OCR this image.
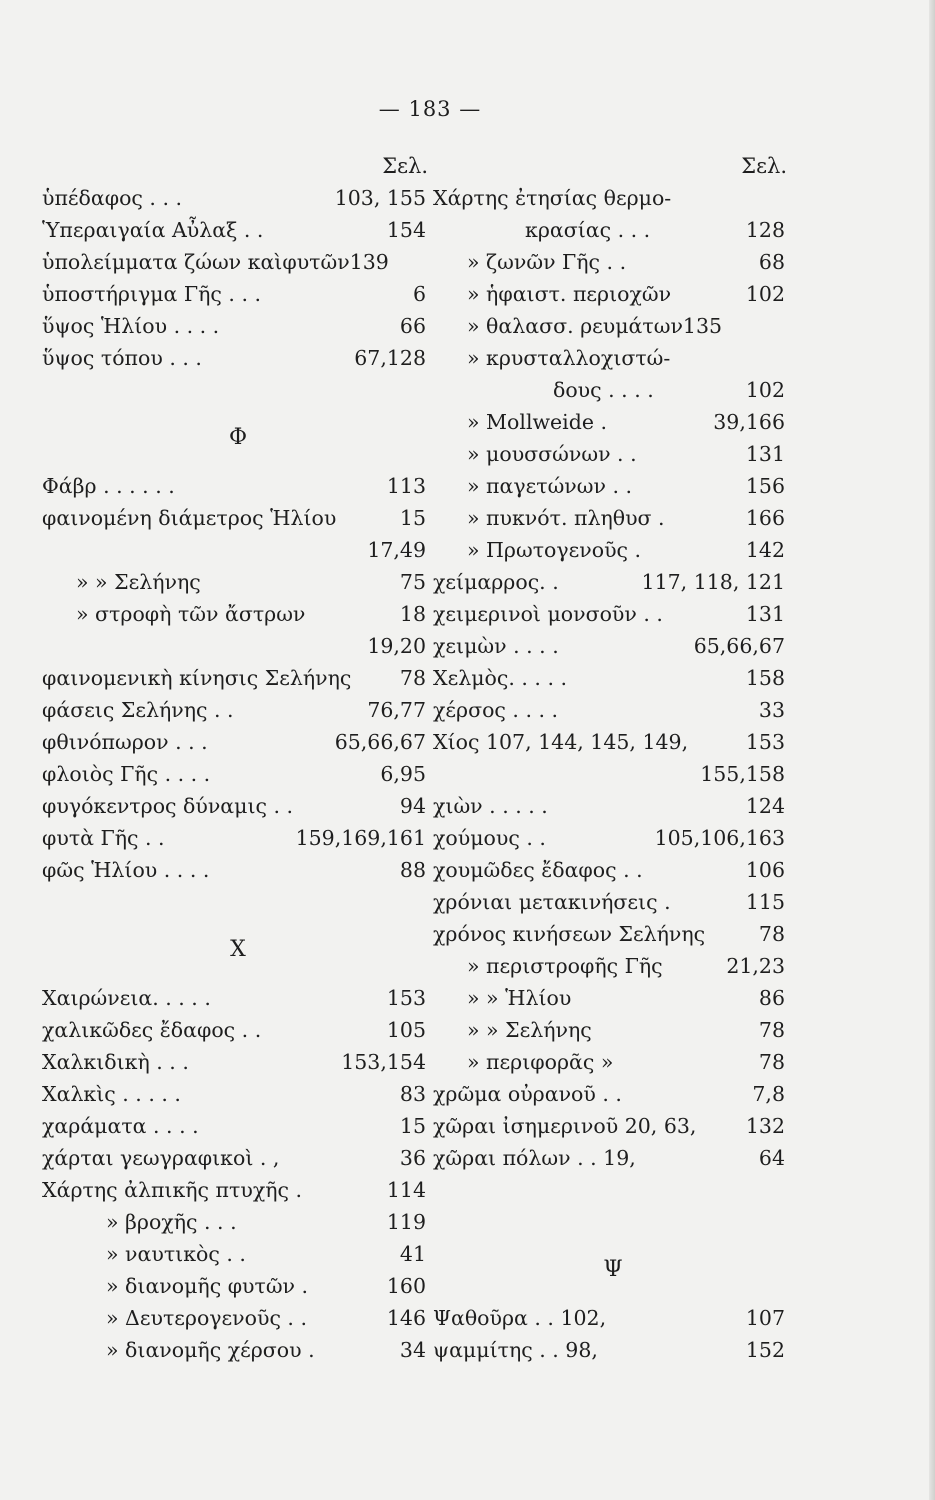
— 183 —
Σελ.
ὑπέδαφος . . .	103, 155
Ὑπεραιγαία Αὖλαξ . .	154
ὑπολείμματα ζώων καὶφυτῶν139
ὑποστήριγμα Γῆς . . .	6
ὕψος Ἡλίου . . . .	66
ὕψος τόπου . . .	67,128
Φ
Φάβρ . . . . . .	113
φαινομένη διάμετρος Ἡλίου	15
17,49
» » Σελήνης	75
» στροφὴ τῶν ἄστρων	18
19,20
φαινομενικὴ κίνησις Σελήνης 78
φάσεις Σελήνης . .	76,77
φθινόπωρον . . .	65,66,67
φλοιὸς Γῆς . . . .	6,95
φυγόκεντρος δύναμις . .	94
φυτὰ Γῆς . .	159,169,161
φῶς Ἡλίου . . . .	88
Χ
Χαιρώνεια. . . . .	153
χαλικῶδες ἔδαφος . .	105
Χαλκιδικὴ . . .	153,154
Χαλκὶς . . . . .	83
χαράματα . . . .	15
χάρται γεωγραφικοὶ . ,	36
Χάρτης ἀλπικῆς πτυχῆς .	114
» βροχῆς . . .	119
» ναυτικὸς . .	41
» διανομῆς φυτῶν .	160
» Δευτερογενοῦς . .	146
» διανομῆς χέρσου .	34
Σελ.
Χάρτης ἐτησίας θερμο-
κρασίας . . .	128
» ζωνῶν Γῆς . .	68
» ἡφαιστ. περιοχῶν	102
» θαλασσ. ρευμάτων135
» κρυσταλλοχιστώ-
δους . . . .	102
» Mollweide .	39,166
» μουσσώνων . .	131
» παγετώνων . .	156
» πυκνότ. πληθυσ .	166
» Πρωτογενοῦς .	142
χείμαρρος. .	117, 118, 121
χειμερινοὶ μονσοῦν . .	131
χειμὼν . . . .	65,66,67
Χελμὸς. . . . .	158
χέρσος . . . .	33
Χίος 107, 144, 145, 149,	153
155,158
χιὼν . . . . .	124
χούμους . .	105,106,163
χουμῶδες ἔδαφος . .	106
χρόνιαι μετακινήσεις .	115
χρόνος κινήσεων Σελήνης	78
» περιστροφῆς Γῆς	21,23
» » Ἡλίου	86
» » Σελήνης	78
» περιφορᾶς »	78
χρῶμα οὐρανοῦ . .	7,8
χῶραι ἰσημερινοῦ 20, 63, 132
χῶραι πόλων . . 19,	64
Ψ
Ψαθοῦρα . . 102,	107
ψαμμίτης . . 98,	152
